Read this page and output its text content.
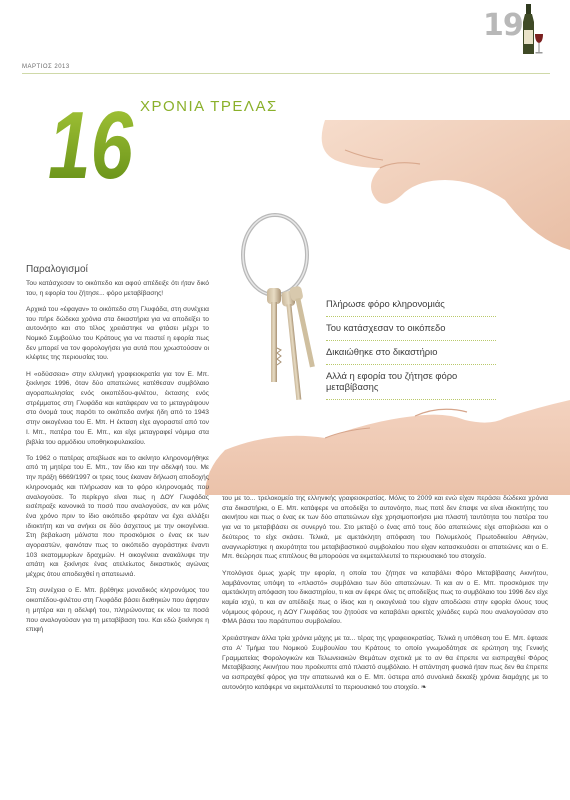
19
ΜΑΡΤΙΟΣ 2013
16 ΧΡΟΝΙΑ ΤΡΕΛΑΣ
Παραλογισμοί

Του κατάσχεσαν το οικόπεδο και αφού απέδειξε ότι ήταν δικό του, η εφορία του ζήτησε... φόρο μεταβίβασης!

Αρχικά του «έφαγαν» το οικόπεδο στη Γλυφάδα, στη συνέχεια του πήρε δώδεκα χρόνια στα δικαστήρια για να αποδείξει το αυτονόητο και στο τέλος χρειάστηκε να φτάσει μέχρι το Νομικό Συμβούλιο του Κράτους για να πειστεί η εφορία πως δεν μπορεί να τον φορολογήσει για αυτά που χρωστούσαν οι κλέφτες της περιουσίας του.

Η «οδύσσεια» στην ελληνική γραφειοκρατία για τον Ε. Μπ. ξεκίνησε 1996, όταν δύο απατεώνες κατέθεσαν συμβόλαιο αγοραπωλησίας ενός οικοπέδου-φιλέτου, έκτασης ενός στρέμματος στη Γλυφάδα και κατάφεραν να το μεταγράψουν στο όνομά τους παρότι το οικόπεδο ανήκε ήδη από το 1943 στην οικογένεια του Ε. Μπ. Η έκταση είχε αγοραστεί από τον Ι. Μπ., πατέρα του Ε. Μπ., και είχε μεταγραφεί νόμιμα στα βιβλία του αρμόδιου υποθηκοφυλακείου.

Το 1962 ο πατέρας απεβίωσε και το ακίνητο κληρονομήθηκε από τη μητέρα του Ε. Μπ., τον ίδιο και την αδελφή του. Με την πράξη 6669/1997 οι τρεις τους έκαναν δήλωση αποδοχής κληρονομιάς και πλήρωσαν και το φόρο κληρονομιάς που αναλογούσε. Το περίεργο είναι πως η ΔΟΥ Γλυφάδας εισέπραξε κανονικά το ποσό που αναλογούσε, αν και μόλις ένα χρόνο πριν το ίδιο οικόπεδο φερόταν να έχει αλλάξει ιδιοκτήτη και να ανήκει σε δύο άσχετους με την οικογένεια. Στη βεβαίωση μάλιστα που προσκόμισε ο ένας εκ των αγοραστών, φαινόταν πως το οικόπεδο αγοράστηκε έναντι 103 εκατομμυρίων δραχμών. Η οικογένεια ανακάλυψε την απάτη και ξεκίνησε ένας ατελείωτος δικαστικός αγώνας μέχρις ότου αποδειχθεί η απατεωνιά.

Στη συνέχεια ο Ε. Μπ. βρέθηκε μοναδικός κληρονόμος του οικοπέδου-φιλέτου στη Γλυφάδα βάσει διαθηκών που άφησαν η μητέρα και η αδελφή του, πληρώνοντας εκ νέου τα ποσά που αναλογούσαν για τη μεταβίβαση του. Και εδώ ξεκίνησε η επιφή

Πλήρωσε φόρο κληρονομιάς
Του κατάσχεσαν το οικόπεδο
Δικαιώθηκε στο δικαστήριο
Αλλά η εφορία του ζήτησε φόρο μεταβίβασης

του με το... τρελοκομείο της ελληνικής γραφειοκρατίας. Μόλις το 2009 και ενώ είχαν περάσει δώδεκα χρόνια στα δικαστήρια, ο Ε. Μπ. κατάφερε να αποδείξει το αυτονόητο, πως ποτέ δεν έπαψε να είναι ιδιοκτήτης του ακινήτου και πως ο ένας εκ των δύο απατεώνων είχε χρησιμοποιήσει μια πλαστή ταυτότητα του πατέρα του για να το μεταβιβάσει σε συνεργό του. Στο μεταξύ ο ένας από τους δύο απατεώνες είχε αποβιώσει και ο δεύτερος το είχε σκάσει. Τελικά, με αμετάκλητη απόφαση του Πολυμελούς Πρωτοδικείου Αθηνών, αναγνωρίστηκε η ακυρότητα του μεταβιβαστικού συμβολαίου που είχαν κατασκευάσει οι απατεώνες και ο Ε. Μπ. θεώρησε πως επιτέλους θα μπορούσε να εκμεταλλευτεί το περιουσιακό του στοιχείο.

Υπολόγισε όμως χωρίς την εφορία, η οποία του ζήτησε να καταβάλει Φόρο Μεταβίβασης Ακινήτου, λαμβάνοντας υπόψη το «πλαστό» συμβόλαιο των δύο απατεώνων. Τι και αν ο Ε. Μπ. προσκόμισε την αμετάκλητη απόφαση του δικαστηρίου, τι και αν έφερε όλες τις αποδείξεις πως το συμβόλαιο του 1996 δεν είχε καμία ισχύ, τι και αν απέδειξε πως ο ίδιος και η οικογένειά του είχαν αποδώσει στην εφορία όλους τους νόμιμους φόρους, η ΔΟΥ Γλυφάδας του ζητούσε να καταβάλει αρκετές χιλιάδες ευρώ που αναλογούσαν στο ΦΜΑ βάσει του παράτυπου συμβολαίου.

Χρειάστηκαν άλλα τρία χρόνια μάχης με τα... τέρας της γραφειοκρατίας. Τελικά η υπόθεση του Ε. Μπ. έφτασε στο Α' Τμήμα του Νομικού Συμβουλίου του Κράτους το οποίο γνωμοδότησε σε ερώτηση της Γενικής Γραμματείας Φορολογικών και Τελωνειακών Θεμάτων σχετικά με το αν θα έπρεπε να εισπραχθεί Φόρος Μεταβίβασης Ακινήτου που προέκυπτε από πλαστό συμβόλαιο. Η απάντηση φυσικά ήταν πως δεν θα έπρεπε να εισπραχθεί φόρος για την απατεωνιά και ο Ε. Μπ. ύστερα από συνολικά δεκαέξι χρόνια διαμάχης με το αυτονόητο κατάφερε να εκμεταλλευτεί το περιουσιακό του στοιχείο. ❧
